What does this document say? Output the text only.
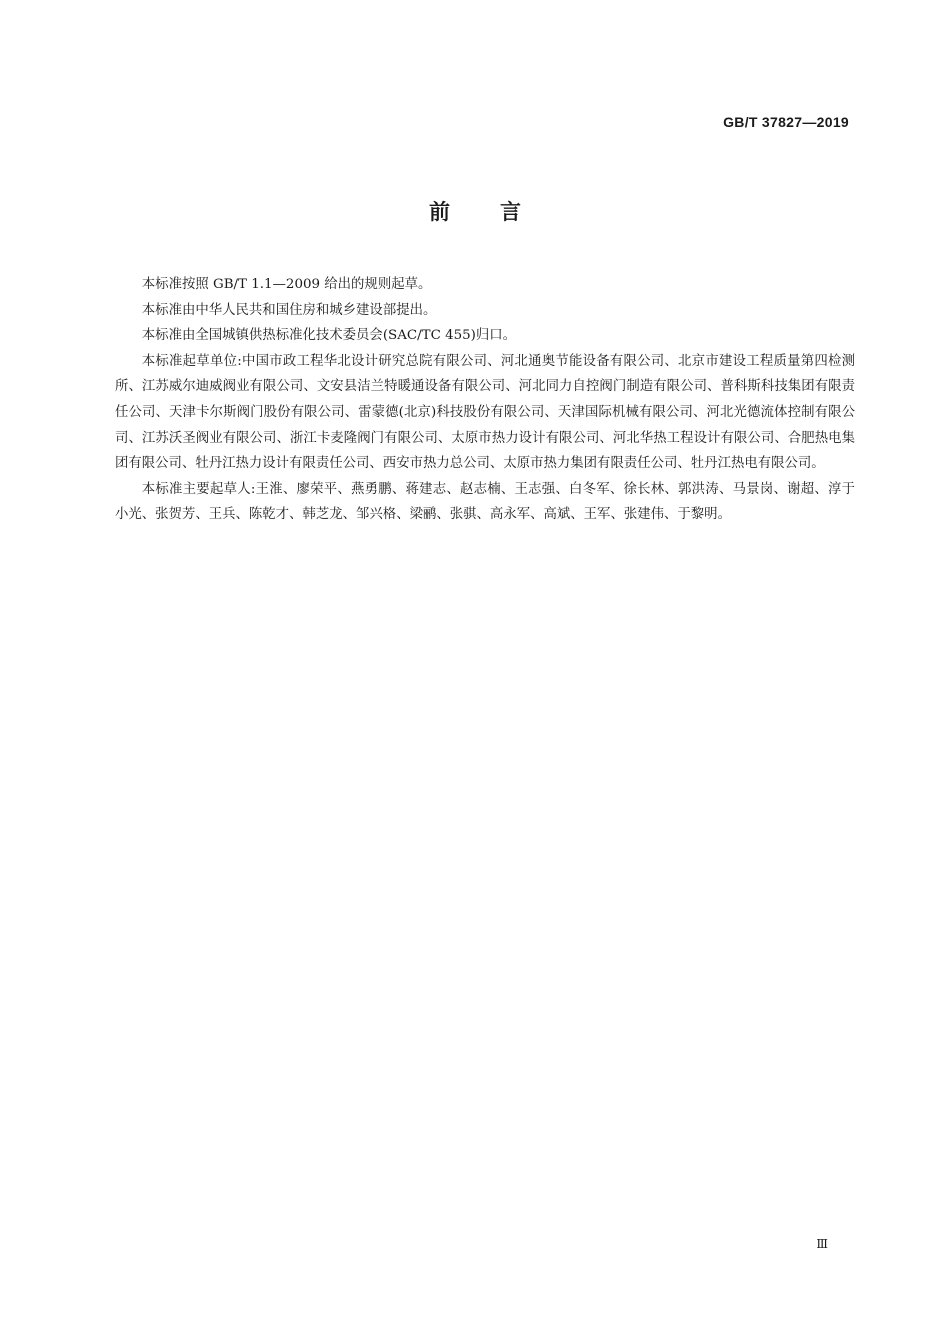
GB/T 37827—2019
前言

本标准按照 GB/T 1.1—2009 给出的规则起草。

本标准由中华人民共和国住房和城乡建设部提出。

本标准由全国城镇供热标准化技术委员会(SAC/TC 455)归口。

本标准起草单位:中国市政工程华北设计研究总院有限公司、河北通奥节能设备有限公司、北京市建设工程质量第四检测所、江苏威尔迪威阀业有限公司、文安县洁兰特暖通设备有限公司、河北同力自控阀门制造有限公司、普科斯科技集团有限责任公司、天津卡尔斯阀门股份有限公司、雷蒙德(北京)科技股份有限公司、天津国际机械有限公司、河北光德流体控制有限公司、江苏沃圣阀业有限公司、浙江卡麦隆阀门有限公司、太原市热力设计有限公司、河北华热工程设计有限公司、合肥热电集团有限公司、牡丹江热力设计有限责任公司、西安市热力总公司、太原市热力集团有限责任公司、牡丹江热电有限公司。

本标准主要起草人:王淮、廖荣平、燕勇鹏、蒋建志、赵志楠、王志强、白冬军、徐长林、郭洪涛、马景岗、谢超、淳于小光、张贺芳、王兵、陈乾才、韩芝龙、邹兴格、梁鹂、张骐、高永军、高斌、王军、张建伟、于黎明。

Ⅲ
